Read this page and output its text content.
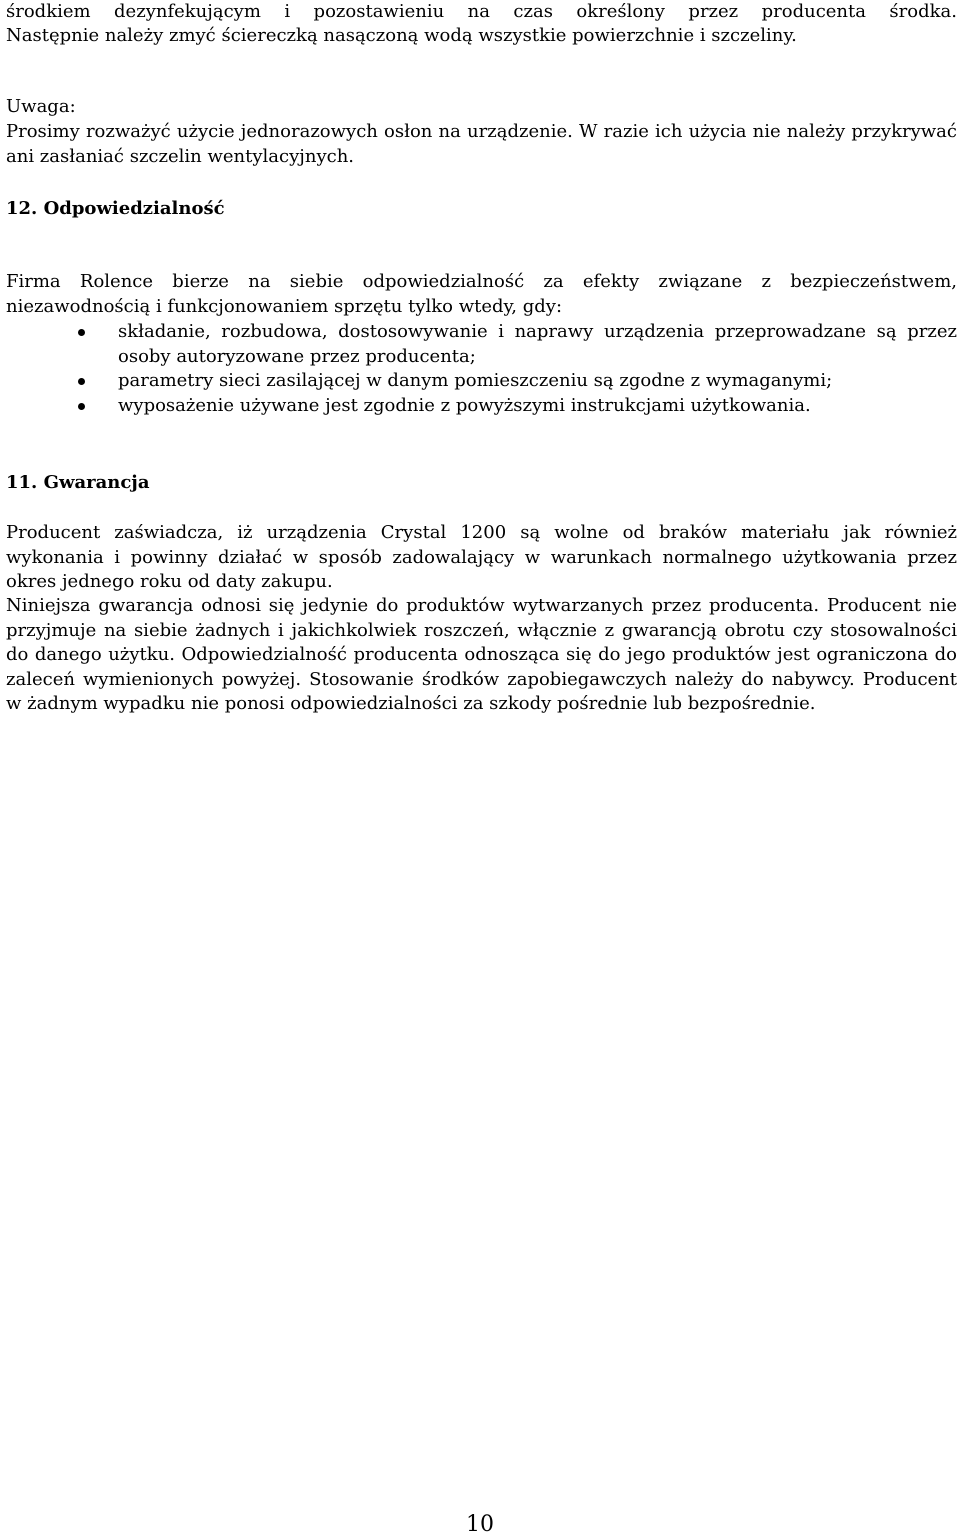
środkiem dezynfekującym i pozostawieniu na czas określony przez producenta środka.

Następnie należy zmyć ściereczką nasączoną wodą wszystkie powierzchnie i szczeliny.

Uwaga:

Prosimy rozważyć użycie jednorazowych osłon na urządzenie. W razie ich użycia nie należy przykrywać ani zasłaniać szczelin wentylacyjnych.

12. Odpowiedzialność

Firma Rolence bierze na siebie odpowiedzialność za efekty związane z bezpieczeństwem, niezawodnością i funkcjonowaniem sprzętu tylko wtedy, gdy:

składanie, rozbudowa, dostosowywanie i naprawy urządzenia przeprowadzane są przez osoby autoryzowane przez producenta;
parametry sieci zasilającej w danym pomieszczeniu są zgodne z wymaganymi;
wyposażenie używane jest zgodnie z powyższymi instrukcjami użytkowania.

11. Gwarancja

Producent zaświadcza, iż urządzenia Crystal 1200 są wolne od braków materiału jak również wykonania i powinny działać w sposób zadowalający w warunkach normalnego użytkowania przez okres jednego roku od daty zakupu.

Niniejsza gwarancja odnosi się jedynie do produktów wytwarzanych przez producenta. Producent nie przyjmuje na siebie żadnych i jakichkolwiek roszczeń, włącznie z gwarancją obrotu czy stosowalności do danego użytku. Odpowiedzialność producenta odnosząca się do jego produktów jest ograniczona do zaleceń wymienionych powyżej. Stosowanie środków zapobiegawczych należy do nabywcy. Producent w żadnym wypadku nie ponosi odpowiedzialności za szkody pośrednie lub bezpośrednie.

10
